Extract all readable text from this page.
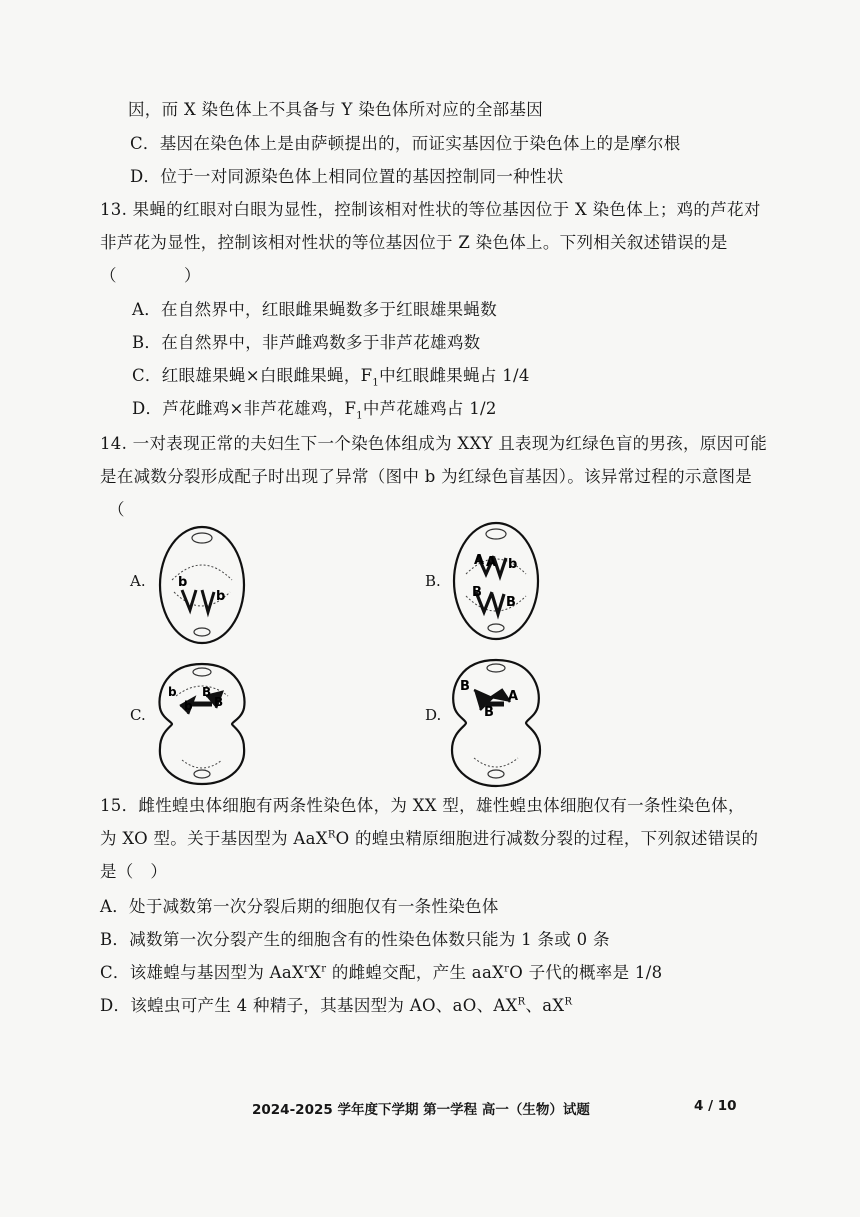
因，而 X 染色体上不具备与 Y 染色体所对应的全部基因
C．基因在染色体上是由萨顿提出的，而证实基因位于染色体上的是摩尔根
D．位于一对同源染色体上相同位置的基因控制同一种性状
13. 果蝇的红眼对白眼为显性，控制该相对性状的等位基因位于 X 染色体上；鸡的芦花对
非芦花为显性，控制该相对性状的等位基因位于 Z 染色体上。下列相关叙述错误的是
（　　　　）
A．在自然界中，红眼雌果蝇数多于红眼雄果蝇数
B．在自然界中，非芦雌鸡数多于非芦花雄鸡数
C．红眼雄果蝇×白眼雌果蝇，$F_1$中红眼雌果蝇占 1/4
D．芦花雌鸡×非芦花雄鸡，$F_1$中芦花雄鸡占 1/2
14. 一对表现正常的夫妇生下一个染色体组成为 XXY 且表现为红绿色盲的男孩，原因可能
是在减数分裂形成配子时出现了异常（图中 b 为红绿色盲基因）。该异常过程的示意图是
（
A. b
b
B.
A A b
B
B
C.
b
b
B
B
D.
B
B
A
15．雌性蝗虫体细胞有两条性染色体，为 XX 型，雄性蝗虫体细胞仅有一条性染色体，
为 XO 型。关于基因型为 AaX$^R$O 的蝗虫精原细胞进行减数分裂的过程，下列叙述错误的
是（　）
A．处于减数第一次分裂后期的细胞仅有一条性染色体
B．减数第一次分裂产生的细胞含有的性染色体数只能为 1 条或 0 条
C．该雄蝗与基因型为 $AaX^rX^r$ 的雌蝗交配，产生 aaX$^r$O 子代的概率是 1/8
D．该蝗虫可产生 4 种精子，其基因型为 AO、aO、$AX^R$、$aX^R$
2024-2025 学年度下学期 第一学程 高一（生物）试题	4 / 10
